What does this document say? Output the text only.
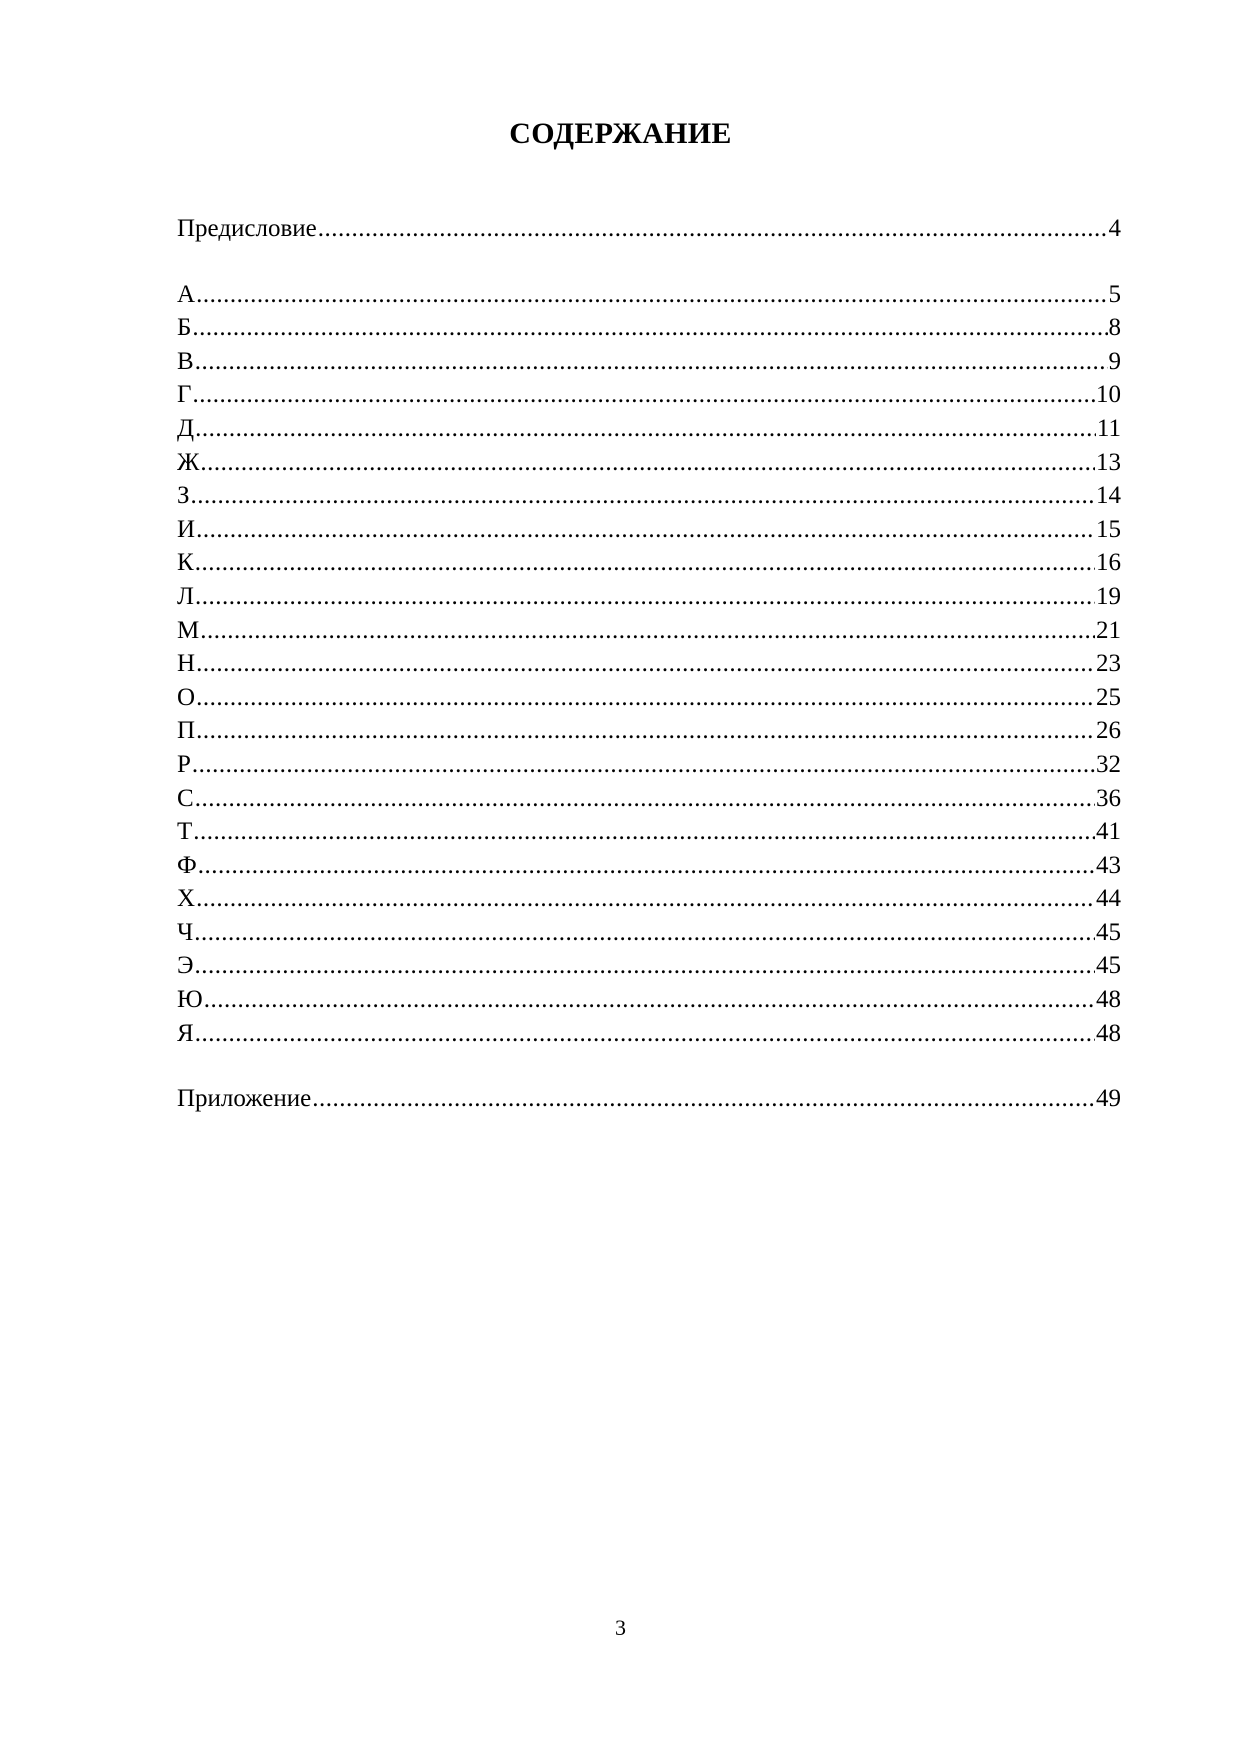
СОДЕРЖАНИЕ
Предисловие .....	4
А .....	5
Б .....	8
В .....	9
Г .....	10
Д .....	11
Ж .....	13
З .....	14
И .....	15
К .....	16
Л .....	19
М .....	21
Н .....	23
О .....	25
П .....	26
Р .....	32
С .....	36
Т .....	41
Ф .....	43
Х .....	44
Ч .....	45
Э .....	45
Ю .....	48
Я .....	48
Приложение .....	49
3
